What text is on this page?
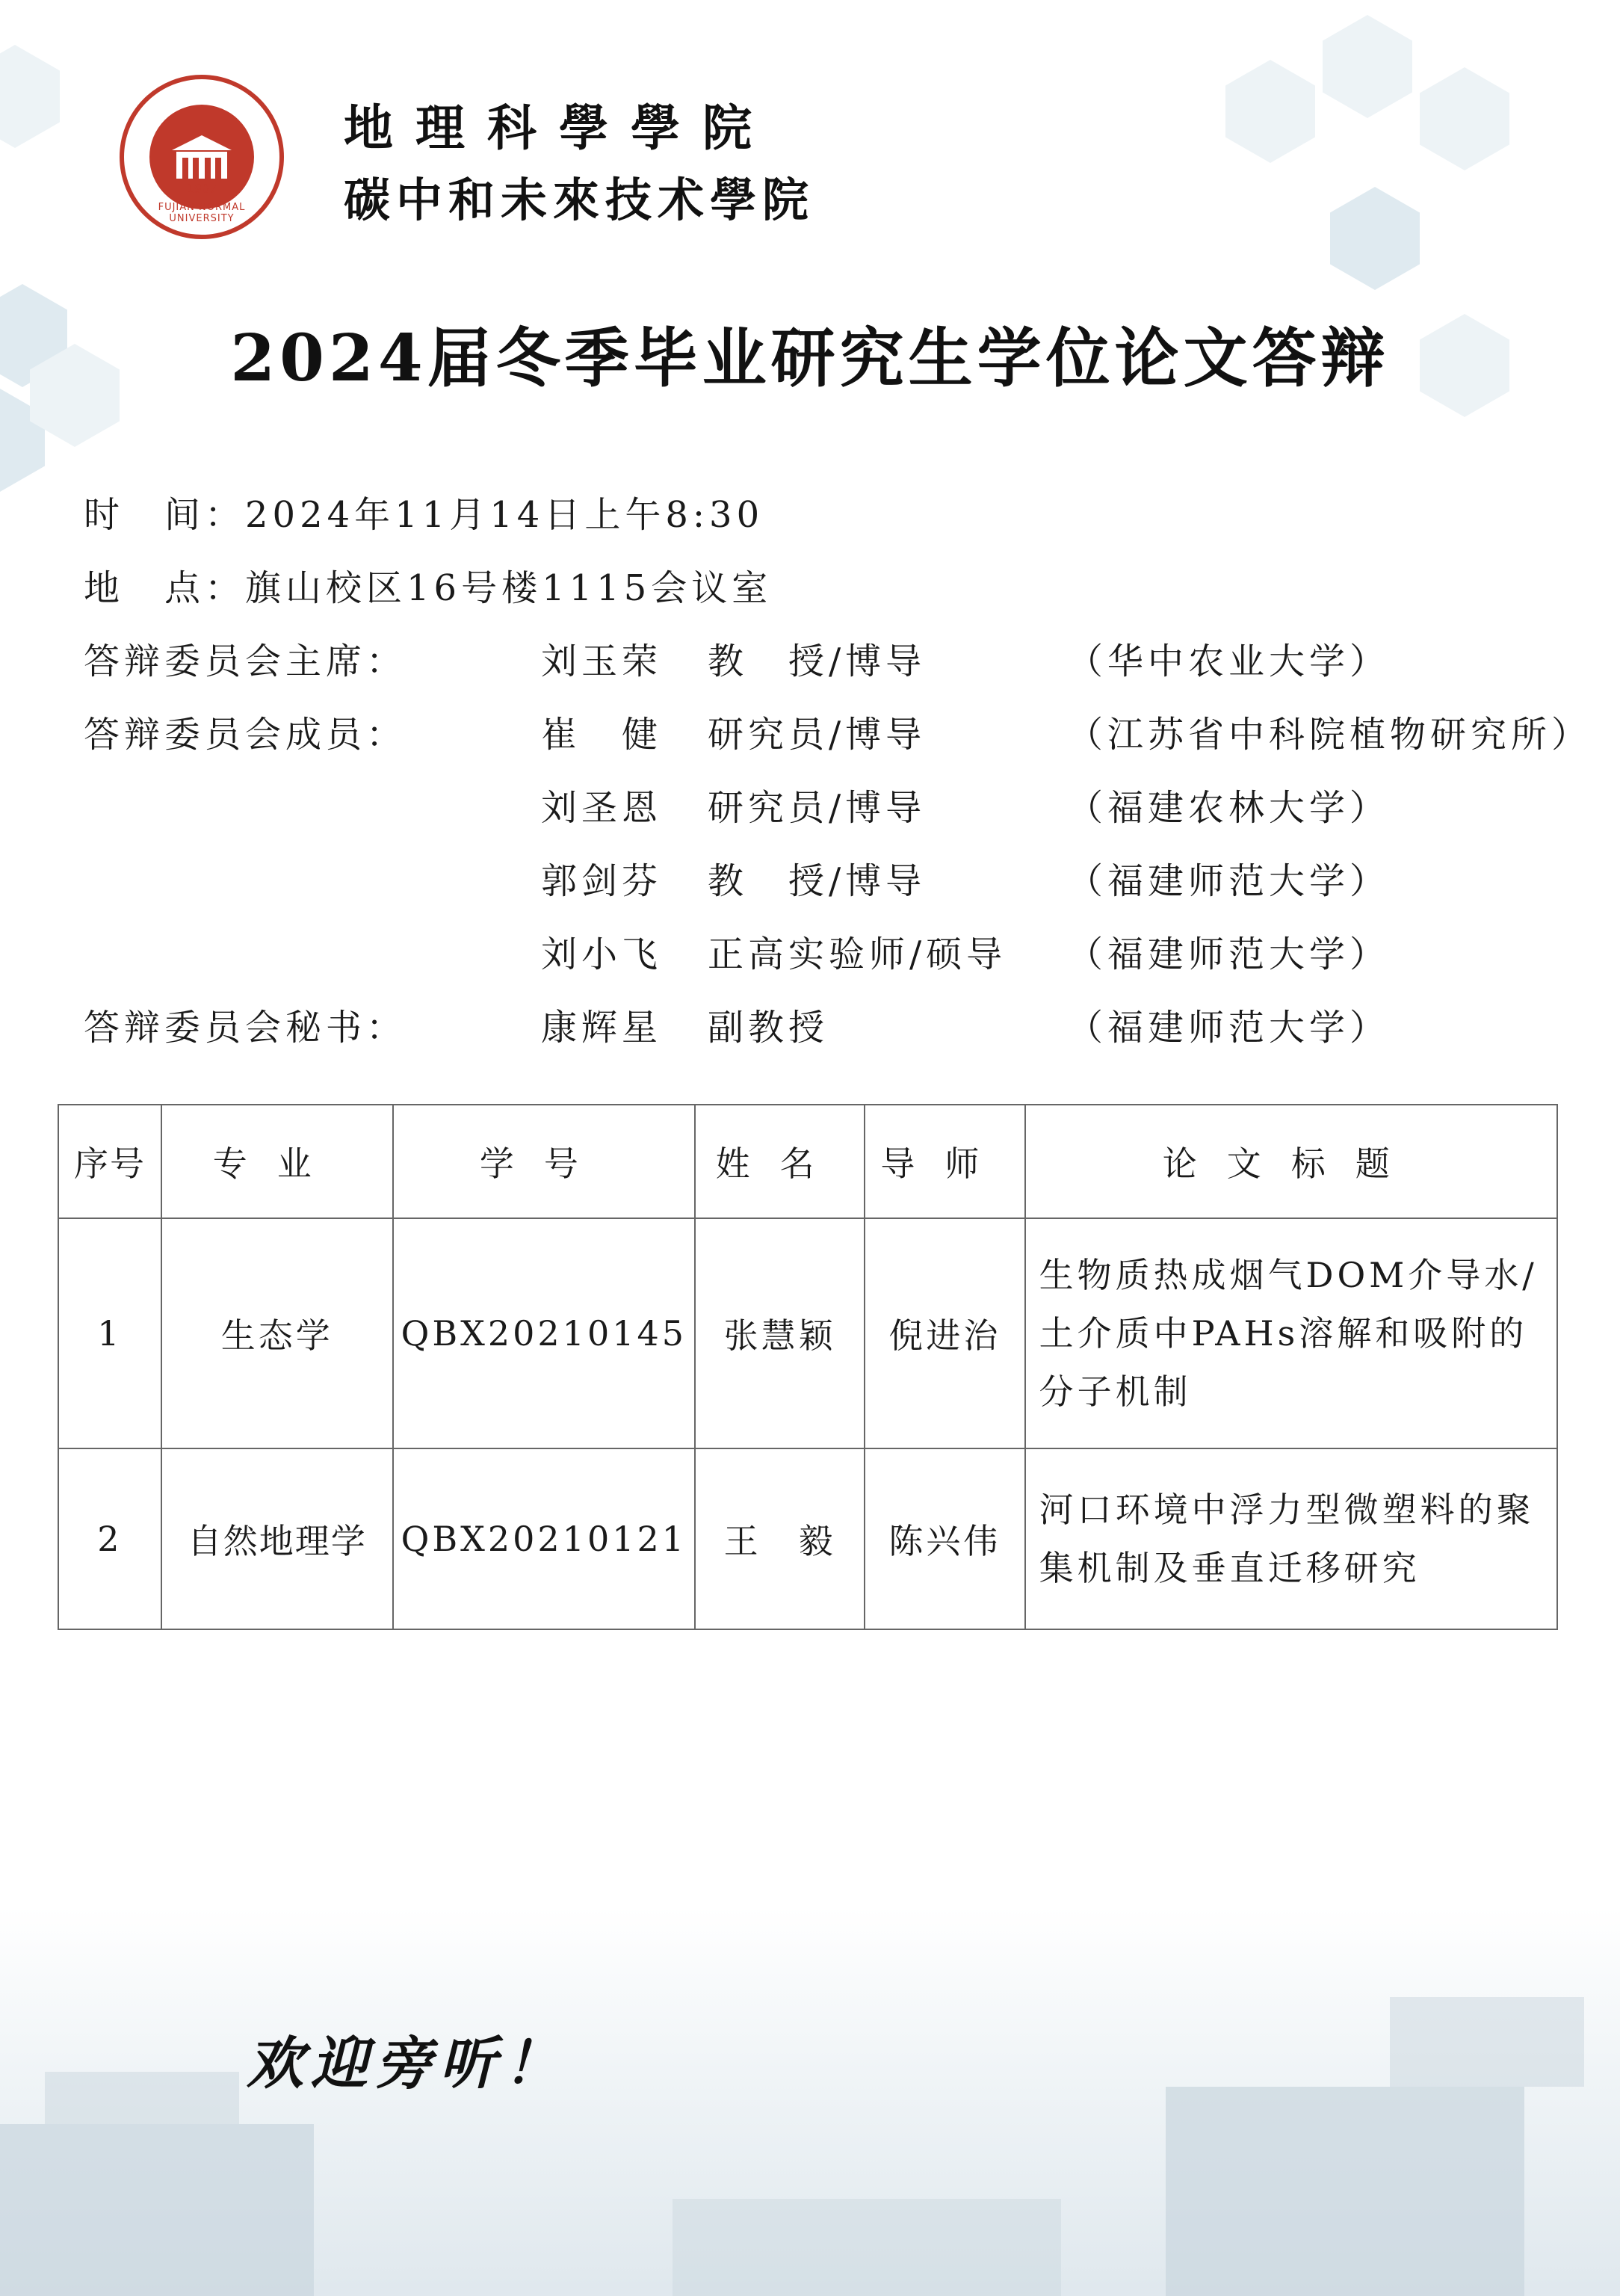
1907
FUJIAN NORMAL UNIVERSITY
地理科學學院
碳中和未來技术學院
2024届冬季毕业研究生学位论文答辩
时　间：2024年11月14日上午8:30
地　点：旗山校区16号楼1115会议室
答辩委员会主席：	刘玉荣 教　授/博导	（华中农业大学）
答辩委员会成员：	崔　健 研究员/博导	（江苏省中科院植物研究所）
刘圣恩 研究员/博导	（福建农林大学）
郭剑芬 教　授/博导	（福建师范大学）
刘小飞 正高实验师/硕导 （福建师范大学）
答辩委员会秘书：	康辉星 副教授	（福建师范大学）
序号	专业	学号	姓名	导师	论文标题
1	生态学	QBX20210145	张慧颖	倪进治	生物质热成烟气DOM介导水/土介质中PAHs溶解和吸附的分子机制
2	自然地理学	QBX20210121	王　毅	陈兴伟	河口环境中浮力型微塑料的聚集机制及垂直迁移研究
欢迎旁听！
